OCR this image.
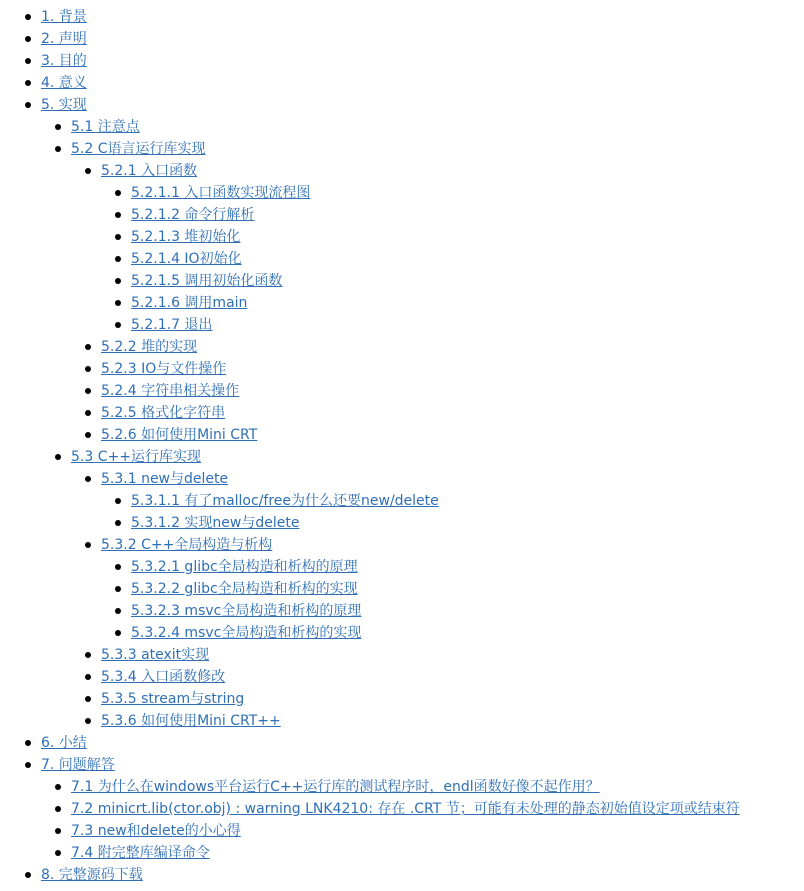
1. 背景
2. 声明
3. 目的
4. 意义
5. 实现
5.1 注意点
5.2 C语言运行库实现
5.2.1 入口函数
5.2.1.1 入口函数实现流程图
5.2.1.2 命令行解析
5.2.1.3 堆初始化
5.2.1.4 IO初始化
5.2.1.5 调用初始化函数
5.2.1.6 调用main
5.2.1.7 退出
5.2.2 堆的实现
5.2.3 IO与文件操作
5.2.4 字符串相关操作
5.2.5 格式化字符串
5.2.6 如何使用Mini CRT
5.3 C++运行库实现
5.3.1 new与delete
5.3.1.1 有了malloc/free为什么还要new/delete
5.3.1.2 实现new与delete
5.3.2 C++全局构造与析构
5.3.2.1 glibc全局构造和析构的原理
5.3.2.2 glibc全局构造和析构的实现
5.3.2.3 msvc全局构造和析构的原理
5.3.2.4 msvc全局构造和析构的实现
5.3.3 atexit实现
5.3.4 入口函数修改
5.3.5 stream与string
5.3.6 如何使用Mini CRT++
6. 小结
7. 问题解答
7.1 为什么在windows平台运行C++运行库的测试程序时，endl函数好像不起作用？
7.2 minicrt.lib(ctor.obj) : warning LNK4210: 存在 .CRT 节；可能有未处理的静态初始值设定项或结束符
7.3 new和delete的小心得
7.4 附完整库编译命令
8. 完整源码下载
